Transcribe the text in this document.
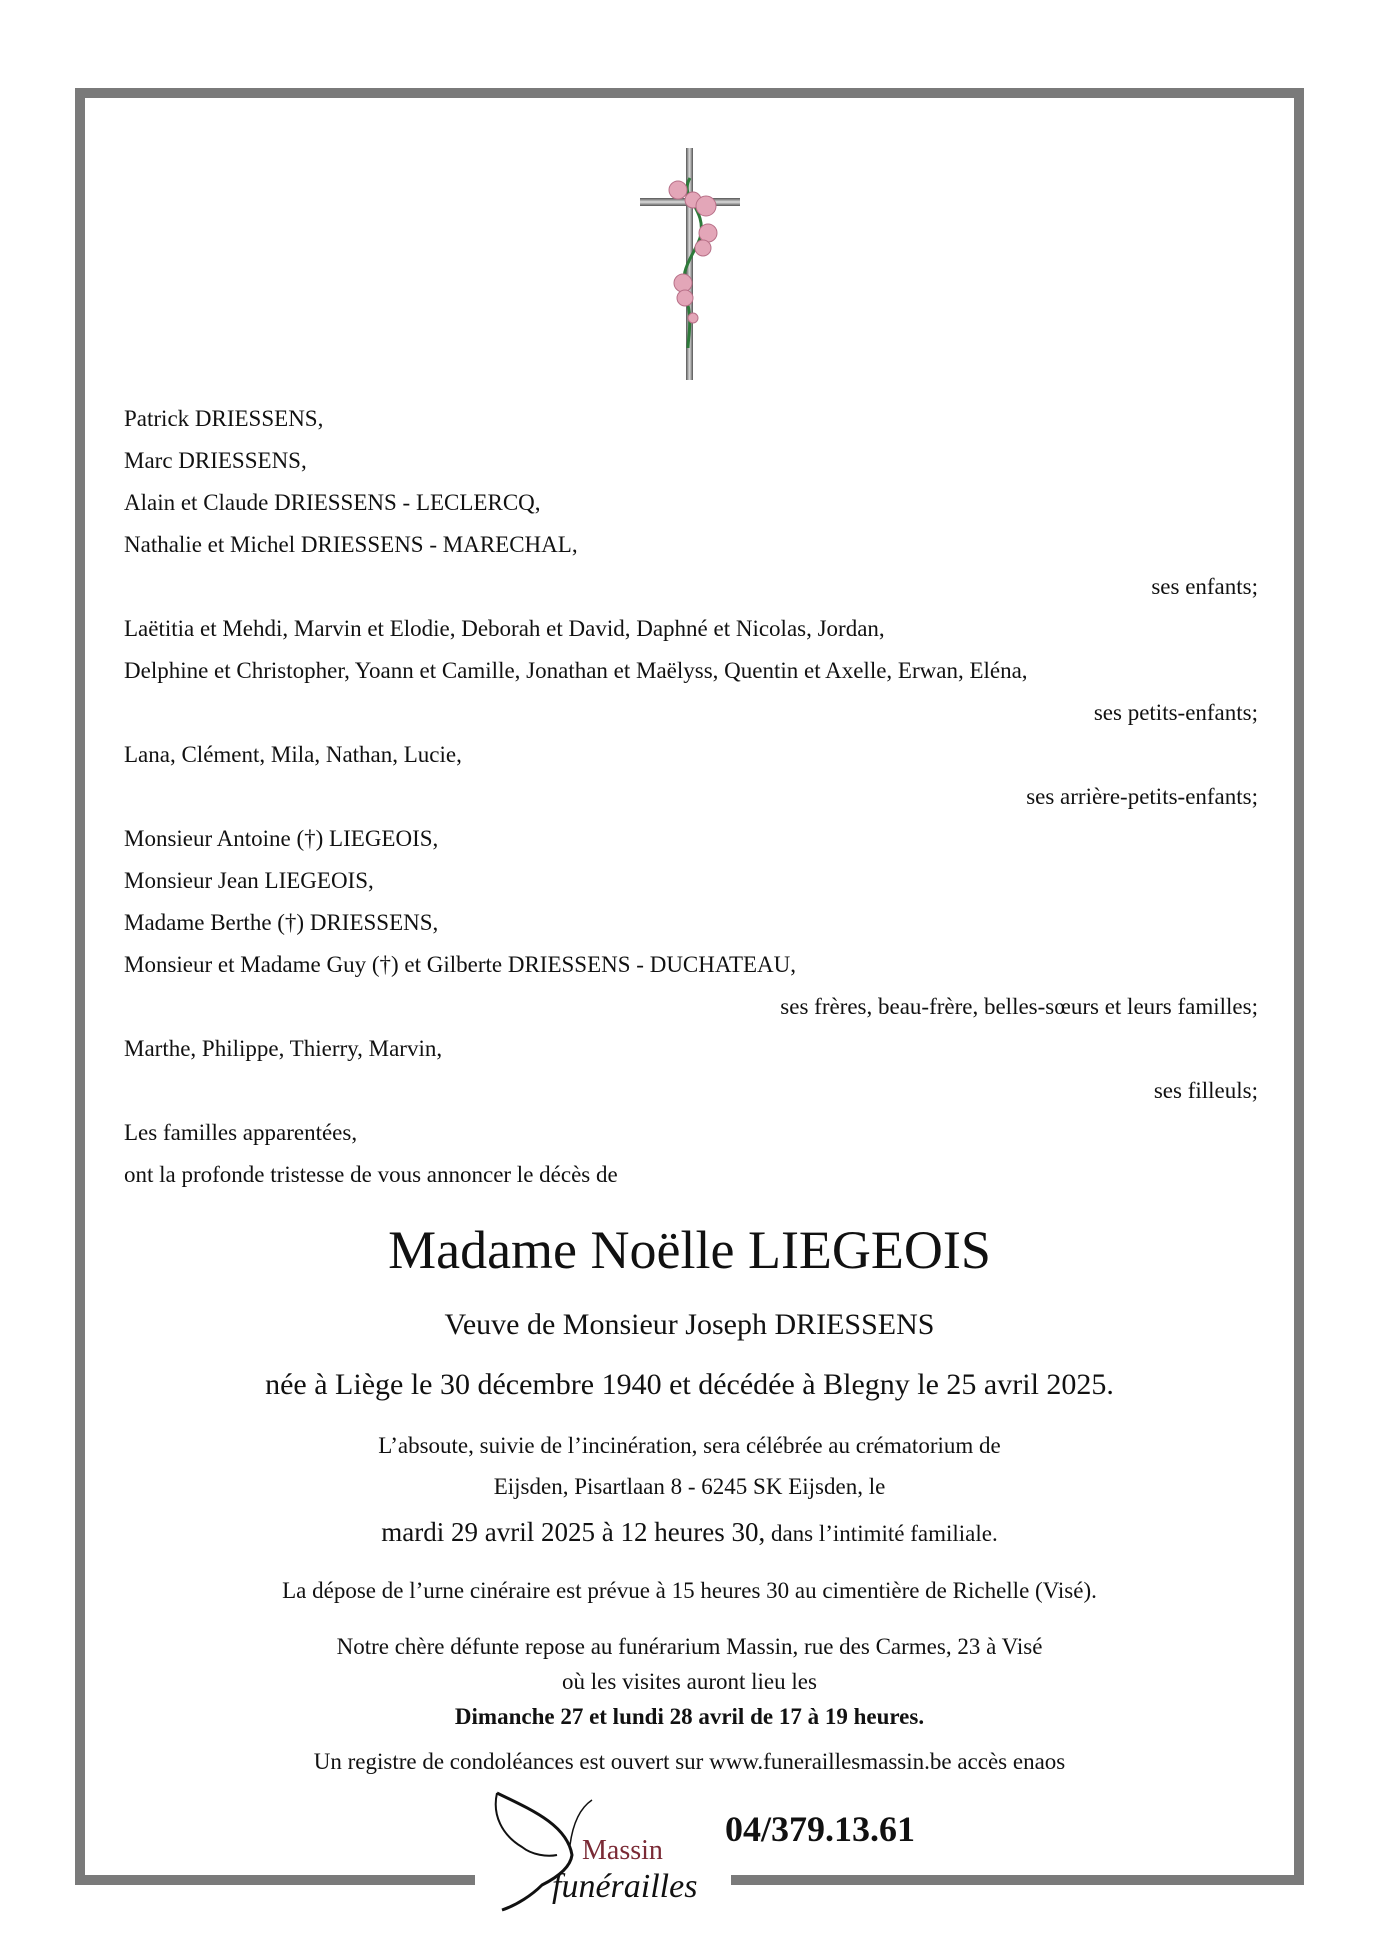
Patrick DRIESSENS,
Marc DRIESSENS,
Alain et Claude DRIESSENS - LECLERCQ,
Nathalie et Michel DRIESSENS - MARECHAL,
ses enfants;
Laëtitia et Mehdi, Marvin et Elodie, Deborah et David, Daphné et Nicolas, Jordan,
Delphine et Christopher, Yoann et Camille, Jonathan et Maëlyss, Quentin et Axelle, Erwan, Eléna,
ses petits-enfants;
Lana, Clément, Mila, Nathan, Lucie,
ses arrière-petits-enfants;
Monsieur Antoine (†) LIEGEOIS,
Monsieur Jean LIEGEOIS,
Madame Berthe (†) DRIESSENS,
Monsieur et Madame Guy (†) et Gilberte DRIESSENS - DUCHATEAU,
ses frères, beau-frère, belles-sœurs et leurs familles;
Marthe, Philippe, Thierry, Marvin,
ses filleuls;
Les familles apparentées,
ont la profonde tristesse de vous annoncer le décès de
Madame Noëlle LIEGEOIS
Veuve de Monsieur Joseph DRIESSENS
née à Liège le 30 décembre 1940 et décédée à Blegny le 25 avril 2025.
L’absoute, suivie de l’incinération, sera célébrée au crématorium de
Eijsden, Pisartlaan 8 - 6245 SK Eijsden, le
mardi 29 avril 2025 à 12 heures 30, dans l’intimité familiale.
La dépose de l’urne cinéraire est prévue à 15 heures 30 au cimentière de Richelle (Visé).
Notre chère défunte repose au funérarium Massin, rue des Carmes, 23 à Visé
où les visites auront lieu les
Dimanche 27 et lundi 28 avril de 17 à 19 heures.
Un registre de condoléances est ouvert sur www.funeraillesmassin.be accès enaos
Massin
funérailles
04/379.13.61
